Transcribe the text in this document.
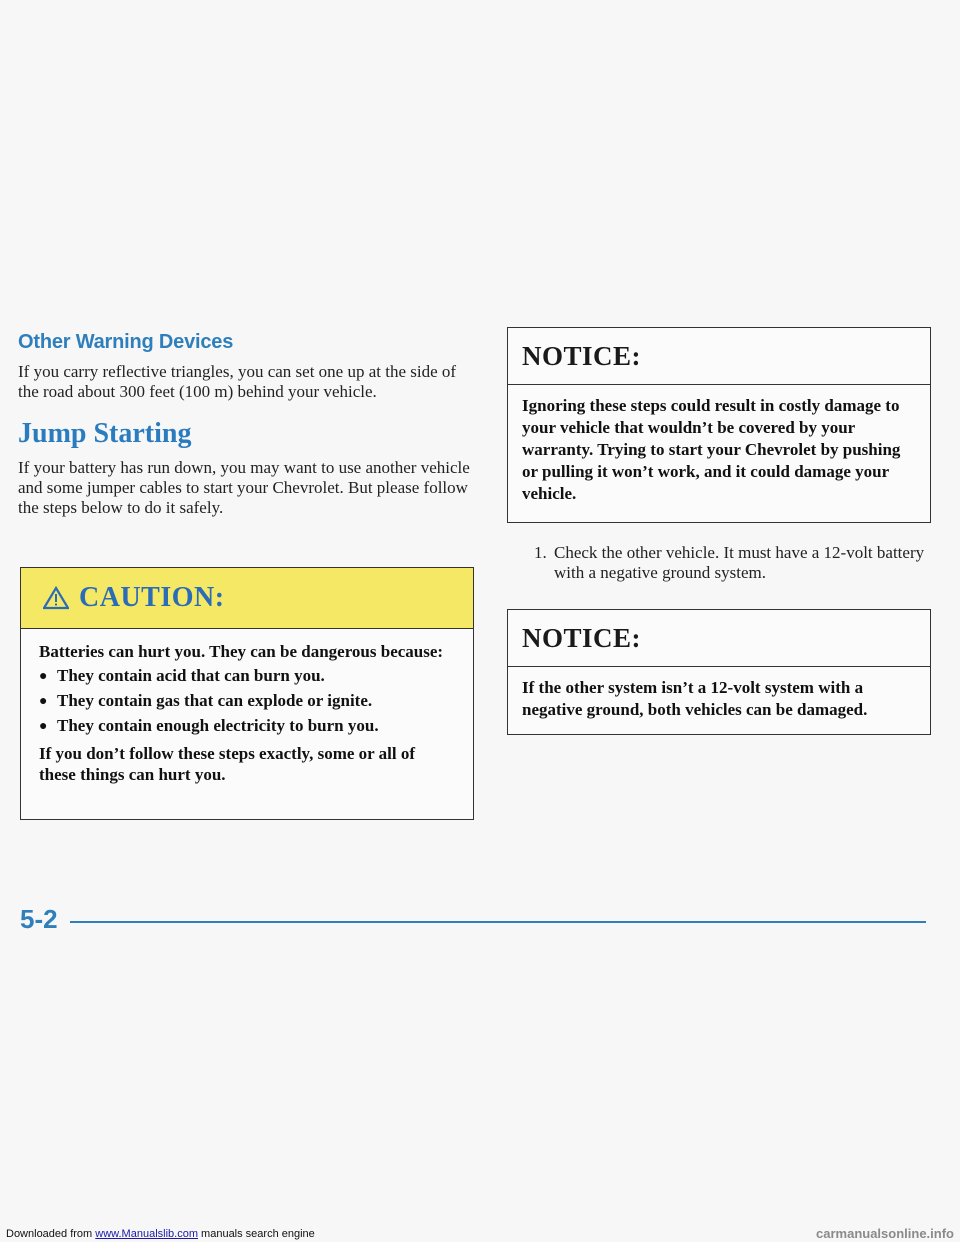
Other Warning Devices

If you carry reflective triangles, you can set one up at the side of the road about 300 feet (100 m) behind your vehicle.

Jump Starting

If your battery has run down, you may want to use another vehicle and some jumper cables to start your Chevrolet. But please follow the steps below to do it safely.

CAUTION:
Batteries can hurt you. They can be dangerous because:
● They contain acid that can burn you.
● They contain gas that can explode or ignite.
● They contain enough electricity to burn you.
If you don’t follow these steps exactly, some or all of these things can hurt you.
NOTICE:
Ignoring these steps could result in costly damage to your vehicle that wouldn’t be covered by your warranty. Trying to start your Chevrolet by pushing or pulling it won’t work, and it could damage your vehicle.
1. Check the other vehicle. It must have a 12-volt battery with a negative ground system.
NOTICE:
If the other system isn’t a 12-volt system with a negative ground, both vehicles can be damaged.
5-2
Downloaded from www.Manualslib.com manuals search engine	carmanualsonline.info
